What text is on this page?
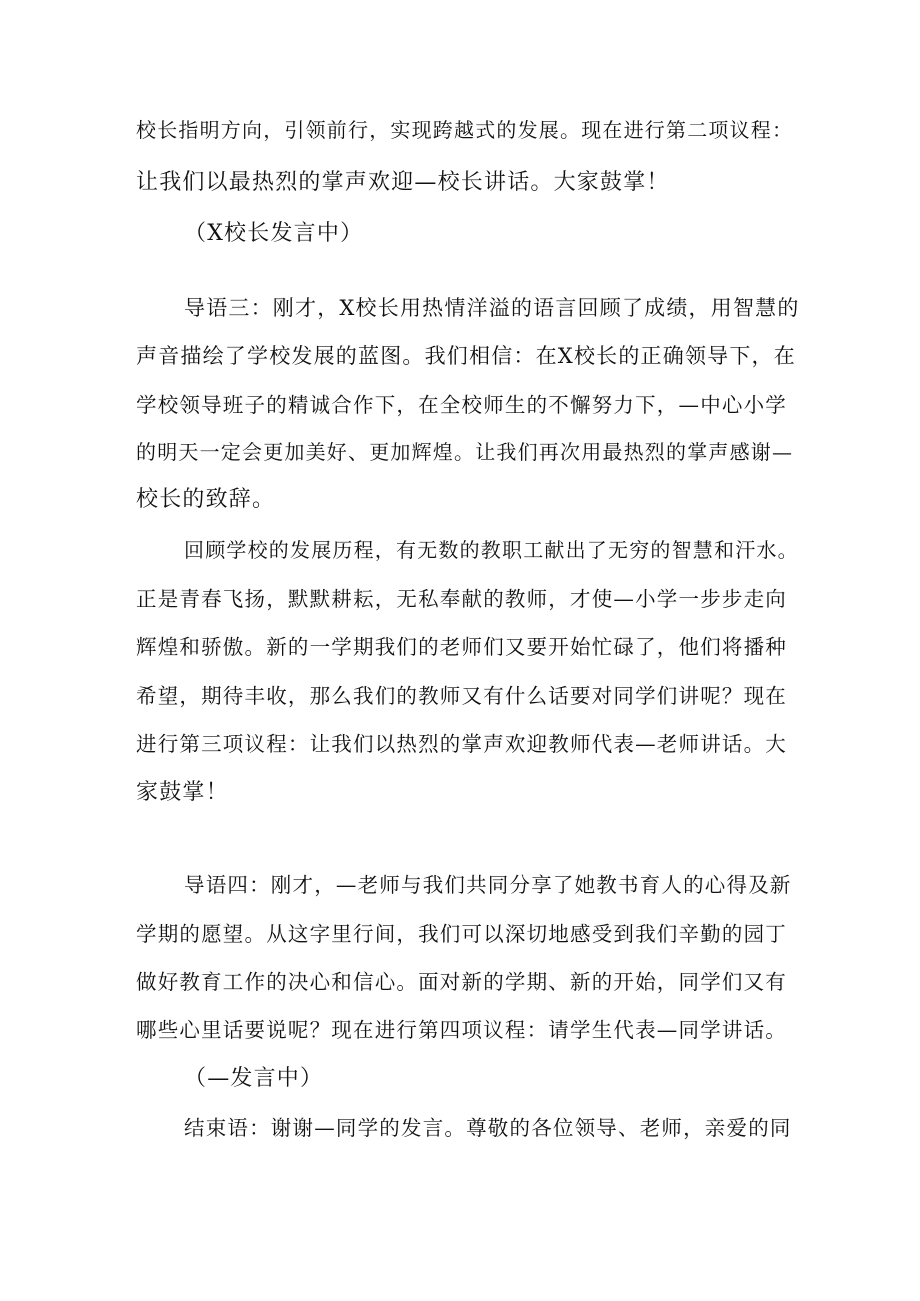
校长指明方向，引领前行，实现跨越式的发展。现在进行第二项议程：
让我们以最热烈的掌声欢迎—校长讲话。大家鼓掌！
（X校长发言中）
导语三：刚才，X校长用热情洋溢的语言回顾了成绩，用智慧的
声音描绘了学校发展的蓝图。我们相信：在X校长的正确领导下，在
学校领导班子的精诚合作下，在全校师生的不懈努力下，—中心小学
的明天一定会更加美好、更加辉煌。让我们再次用最热烈的掌声感谢—
校长的致辞。
回顾学校的发展历程，有无数的教职工献出了无穷的智慧和汗水。
正是青春飞扬，默默耕耘，无私奉献的教师，才使—小学一步步走向
辉煌和骄傲。新的一学期我们的老师们又要开始忙碌了，他们将播种
希望，期待丰收，那么我们的教师又有什么话要对同学们讲呢？现在
进行第三项议程：让我们以热烈的掌声欢迎教师代表—老师讲话。大
家鼓掌！
导语四：刚才，—老师与我们共同分享了她教书育人的心得及新
学期的愿望。从这字里行间，我们可以深切地感受到我们辛勤的园丁
做好教育工作的决心和信心。面对新的学期、新的开始，同学们又有
哪些心里话要说呢？现在进行第四项议程：请学生代表—同学讲话。
（—发言中）
结束语：谢谢—同学的发言。尊敬的各位领导、老师，亲爱的同
